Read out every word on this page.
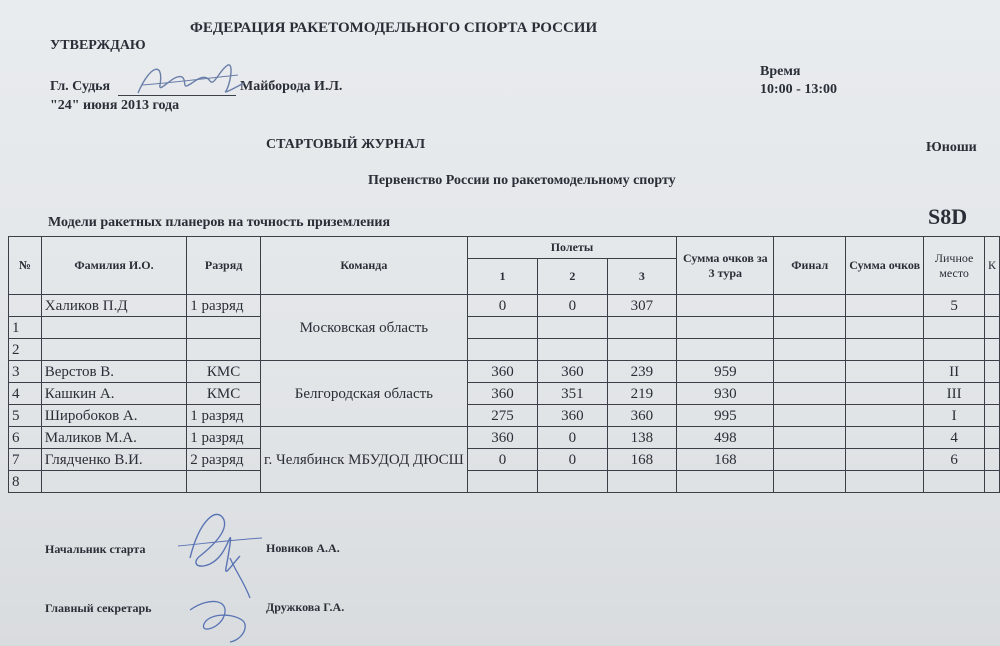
ФЕДЕРАЦИЯ РАКЕТОМОДЕЛЬНОГО СПОРТА РОССИИ
УТВЕРЖДАЮ
Гл. Судья	Майборода И.Л.
"24" июня 2013 года
Время
10:00 - 13:00
СТАРТОВЫЙ ЖУРНАЛ	Юноши
Первенство России по ракетомодельному спорту
Модели ракетных планеров на точность приземления	S8D
№	Фамилия И.О.	Разряд	Команда	Полеты			Сумма очков за 3 тура	Финал	Сумма очков	Личное место	К
				1	2	3					
	Халиков П.Д	1 разряд	Московская область	0	0	307				5	
1											
2											
3	Верстов В.	КМС	Белгородская область	360	360	239	959			II	
4	Кашкин А.	КМС		360	351	219	930			III	
5	Широбоков А.	1 разряд		275	360	360	995			I	
6	Маликов М.А.	1 разряд	г. Челябинск МБУДОД ДЮСШ	360	0	138	498			4	
7	Глядченко В.И.	2 разряд		0	0	168	168			6	
8											
Начальник старта	Новиков А.А.
Главный секретарь	Дружкова Г.А.
